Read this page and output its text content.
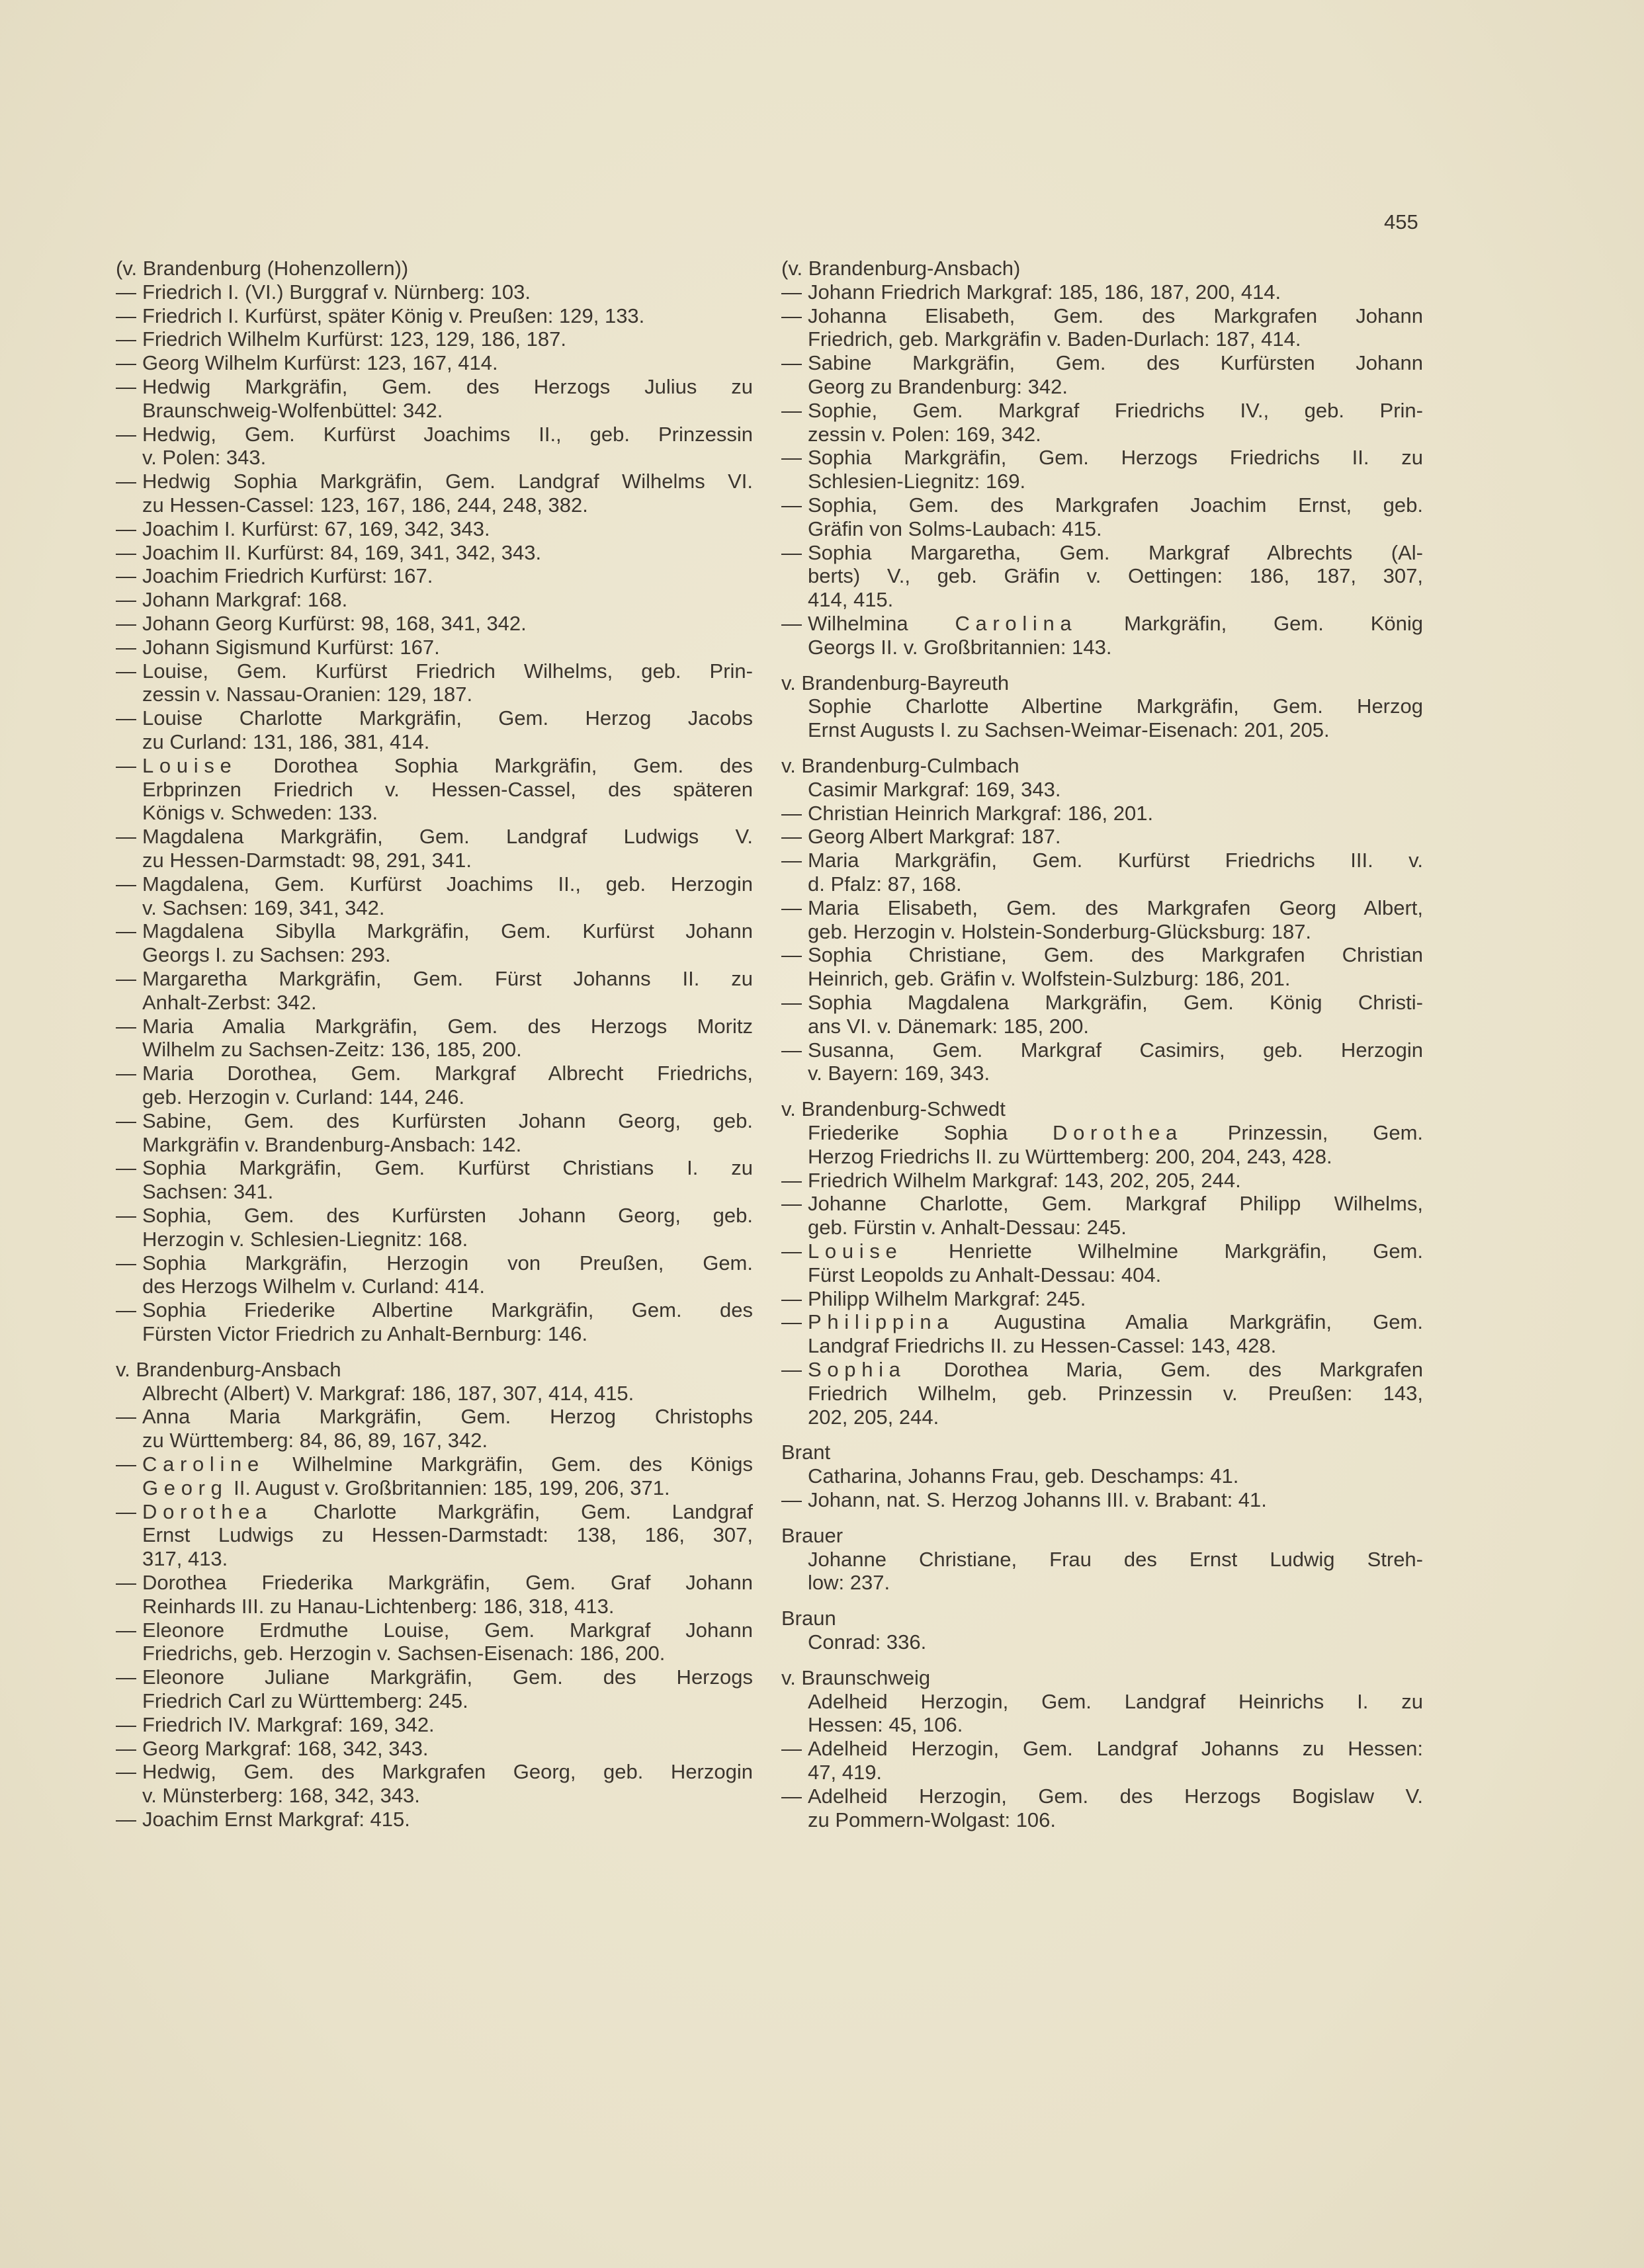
455
(v. Brandenburg (Hohenzollern))
— Friedrich I. (VI.) Burggraf v. Nürnberg: 103.
— Friedrich I. Kurfürst, später König v. Preußen: 129, 133.
— Friedrich Wilhelm Kurfürst: 123, 129, 186, 187.
— Georg Wilhelm Kurfürst: 123, 167, 414.
— Hedwig Markgräfin, Gem. des Herzogs Julius zu
Braunschweig-Wolfenbüttel: 342.
— Hedwig, Gem. Kurfürst Joachims II., geb. Prinzessin
v. Polen: 343.
— Hedwig Sophia Markgräfin, Gem. Landgraf Wilhelms VI.
zu Hessen-Cassel: 123, 167, 186, 244, 248, 382.
— Joachim I. Kurfürst: 67, 169, 342, 343.
— Joachim II. Kurfürst: 84, 169, 341, 342, 343.
— Joachim Friedrich Kurfürst: 167.
— Johann Markgraf: 168.
— Johann Georg Kurfürst: 98, 168, 341, 342.
— Johann Sigismund Kurfürst: 167.
— Louise, Gem. Kurfürst Friedrich Wilhelms, geb. Prin-
zessin v. Nassau-Oranien: 129, 187.
— Louise Charlotte Markgräfin, Gem. Herzog Jacobs
zu Curland: 131, 186, 381, 414.
— Louise Dorothea Sophia Markgräfin, Gem. des
Erbprinzen Friedrich v. Hessen-Cassel, des späteren
Königs v. Schweden: 133.
— Magdalena Markgräfin, Gem. Landgraf Ludwigs V.
zu Hessen-Darmstadt: 98, 291, 341.
— Magdalena, Gem. Kurfürst Joachims II., geb. Herzogin
v. Sachsen: 169, 341, 342.
— Magdalena Sibylla Markgräfin, Gem. Kurfürst Johann
Georgs I. zu Sachsen: 293.
— Margaretha Markgräfin, Gem. Fürst Johanns II. zu
Anhalt-Zerbst: 342.
— Maria Amalia Markgräfin, Gem. des Herzogs Moritz
Wilhelm zu Sachsen-Zeitz: 136, 185, 200.
— Maria Dorothea, Gem. Markgraf Albrecht Friedrichs,
geb. Herzogin v. Curland: 144, 246.
— Sabine, Gem. des Kurfürsten Johann Georg, geb.
Markgräfin v. Brandenburg-Ansbach: 142.
— Sophia Markgräfin, Gem. Kurfürst Christians I. zu
Sachsen: 341.
— Sophia, Gem. des Kurfürsten Johann Georg, geb.
Herzogin v. Schlesien-Liegnitz: 168.
— Sophia Markgräfin, Herzogin von Preußen, Gem.
des Herzogs Wilhelm v. Curland: 414.
— Sophia Friederike Albertine Markgräfin, Gem. des
Fürsten Victor Friedrich zu Anhalt-Bernburg: 146.
v. Brandenburg-Ansbach
Albrecht (Albert) V. Markgraf: 186, 187, 307, 414, 415.
— Anna Maria Markgräfin, Gem. Herzog Christophs
zu Württemberg: 84, 86, 89, 167, 342.
— Caroline Wilhelmine Markgräfin, Gem. des Königs
Georg II. August v. Großbritannien: 185, 199, 206, 371.
— Dorothea Charlotte Markgräfin, Gem. Landgraf
Ernst Ludwigs zu Hessen-Darmstadt: 138, 186, 307,
317, 413.
— Dorothea Friederika Markgräfin, Gem. Graf Johann
Reinhards III. zu Hanau-Lichtenberg: 186, 318, 413.
— Eleonore Erdmuthe Louise, Gem. Markgraf Johann
Friedrichs, geb. Herzogin v. Sachsen-Eisenach: 186, 200.
— Eleonore Juliane Markgräfin, Gem. des Herzogs
Friedrich Carl zu Württemberg: 245.
— Friedrich IV. Markgraf: 169, 342.
— Georg Markgraf: 168, 342, 343.
— Hedwig, Gem. des Markgrafen Georg, geb. Herzogin
v. Münsterberg: 168, 342, 343.
— Joachim Ernst Markgraf: 415.
(v. Brandenburg-Ansbach)
— Johann Friedrich Markgraf: 185, 186, 187, 200, 414.
— Johanna Elisabeth, Gem. des Markgrafen Johann
Friedrich, geb. Markgräfin v. Baden-Durlach: 187, 414.
— Sabine Markgräfin, Gem. des Kurfürsten Johann
Georg zu Brandenburg: 342.
— Sophie, Gem. Markgraf Friedrichs IV., geb. Prin-
zessin v. Polen: 169, 342.
— Sophia Markgräfin, Gem. Herzogs Friedrichs II. zu
Schlesien-Liegnitz: 169.
— Sophia, Gem. des Markgrafen Joachim Ernst, geb.
Gräfin von Solms-Laubach: 415.
— Sophia Margaretha, Gem. Markgraf Albrechts (Al-
berts) V., geb. Gräfin v. Oettingen: 186, 187, 307,
414, 415.
— Wilhelmina Carolina Markgräfin, Gem. König
Georgs II. v. Großbritannien: 143.
v. Brandenburg-Bayreuth
Sophie Charlotte Albertine Markgräfin, Gem. Herzog
Ernst Augusts I. zu Sachsen-Weimar-Eisenach: 201, 205.
v. Brandenburg-Culmbach
Casimir Markgraf: 169, 343.
— Christian Heinrich Markgraf: 186, 201.
— Georg Albert Markgraf: 187.
— Maria Markgräfin, Gem. Kurfürst Friedrichs III. v.
d. Pfalz: 87, 168.
— Maria Elisabeth, Gem. des Markgrafen Georg Albert,
geb. Herzogin v. Holstein-Sonderburg-Glücksburg: 187.
— Sophia Christiane, Gem. des Markgrafen Christian
Heinrich, geb. Gräfin v. Wolfstein-Sulzburg: 186, 201.
— Sophia Magdalena Markgräfin, Gem. König Christi-
ans VI. v. Dänemark: 185, 200.
— Susanna, Gem. Markgraf Casimirs, geb. Herzogin
v. Bayern: 169, 343.
v. Brandenburg-Schwedt
Friederike Sophia Dorothea Prinzessin, Gem.
Herzog Friedrichs II. zu Württemberg: 200, 204, 243, 428.
— Friedrich Wilhelm Markgraf: 143, 202, 205, 244.
— Johanne Charlotte, Gem. Markgraf Philipp Wilhelms,
geb. Fürstin v. Anhalt-Dessau: 245.
— Louise Henriette Wilhelmine Markgräfin, Gem.
Fürst Leopolds zu Anhalt-Dessau: 404.
— Philipp Wilhelm Markgraf: 245.
— Philippina Augustina Amalia Markgräfin, Gem.
Landgraf Friedrichs II. zu Hessen-Cassel: 143, 428.
— Sophia Dorothea Maria, Gem. des Markgrafen
Friedrich Wilhelm, geb. Prinzessin v. Preußen: 143,
202, 205, 244.
Brant
Catharina, Johanns Frau, geb. Deschamps: 41.
— Johann, nat. S. Herzog Johanns III. v. Brabant: 41.
Brauer
Johanne Christiane, Frau des Ernst Ludwig Streh-
low: 237.
Braun
Conrad: 336.
v. Braunschweig
Adelheid Herzogin, Gem. Landgraf Heinrichs I. zu
Hessen: 45, 106.
— Adelheid Herzogin, Gem. Landgraf Johanns zu Hessen:
47, 419.
— Adelheid Herzogin, Gem. des Herzogs Bogislaw V.
zu Pommern-Wolgast: 106.
